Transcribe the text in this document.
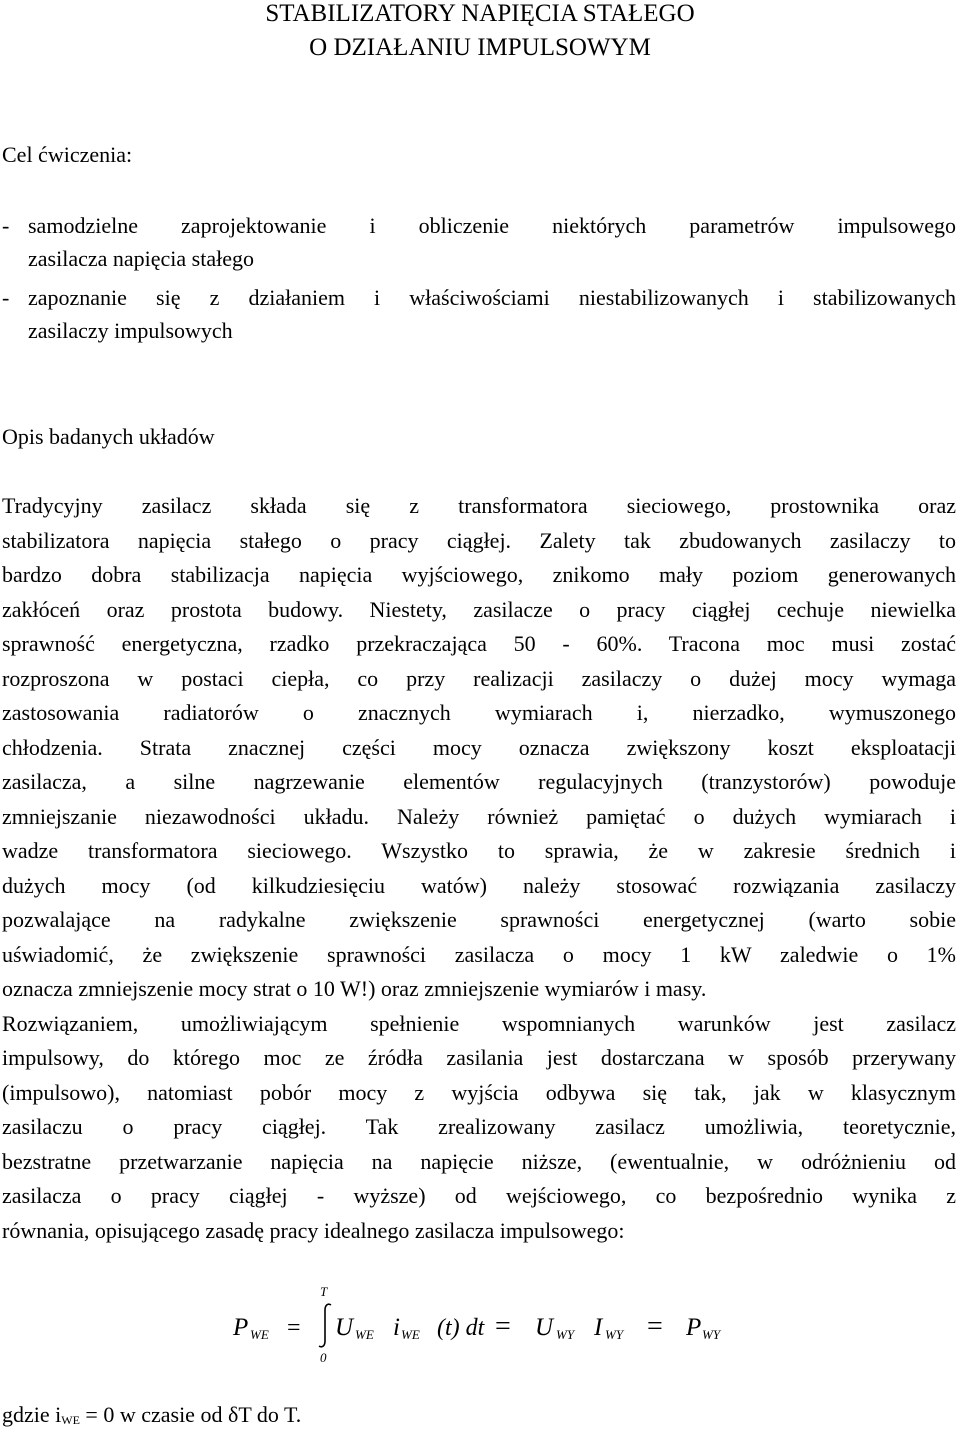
STABILIZATORY NAPIĘCIA STAŁEGO
O DZIAŁANIU IMPULSOWYM
Cel ćwiczenia:
- samodzielne zaprojektowanie i obliczenie niektórych parametrów impulsowego
zasilacza napięcia stałego
- zapoznanie się z działaniem i właściwościami niestabilizowanych i stabilizowanych
zasilaczy impulsowych
Opis badanych układów
Tradycyjny zasilacz składa się z transformatora sieciowego, prostownika oraz
stabilizatora napięcia stałego o pracy ciągłej. Zalety tak zbudowanych zasilaczy to
bardzo dobra stabilizacja napięcia wyjściowego, znikomo mały poziom generowanych
zakłóceń oraz prostota budowy. Niestety, zasilacze o pracy ciągłej cechuje niewielka
sprawność energetyczna, rzadko przekraczająca 50 - 60%. Tracona moc musi zostać
rozproszona w postaci ciepła, co przy realizacji zasilaczy o dużej mocy wymaga
zastosowania radiatorów o znacznych wymiarach i, nierzadko, wymuszonego
chłodzenia. Strata znacznej części mocy oznacza zwiększony koszt eksploatacji
zasilacza, a silne nagrzewanie elementów regulacyjnych (tranzystorów) powoduje
zmniejszanie niezawodności układu. Należy również pamiętać o dużych wymiarach i
wadze transformatora sieciowego. Wszystko to sprawia, że w zakresie średnich i
dużych mocy (od kilkudziesięciu watów) należy stosować rozwiązania zasilaczy
pozwalające na radykalne zwiększenie sprawności energetycznej (warto sobie
uświadomić, że zwiększenie sprawności zasilacza o mocy 1 kW zaledwie o 1%
oznacza zmniejszenie mocy strat o 10 W!) oraz zmniejszenie wymiarów i masy.
Rozwiązaniem, umożliwiającym spełnienie wspomnianych warunków jest zasilacz
impulsowy, do którego moc ze źródła zasilania jest dostarczana w sposób przerywany
(impulsowo), natomiast pobór mocy z wyjścia odbywa się tak, jak w klasycznym
zasilaczu o pracy ciągłej. Tak zrealizowany zasilacz umożliwia, teoretycznie,
bezstratne przetwarzanie napięcia na napięcie niższe, (ewentualnie, w odróżnieniu od
zasilacza o pracy ciągłej - wyższe) od wejściowego, co bezpośrednio wynika z
równania, opisującego zasadę pracy idealnego zasilacza impulsowego:
P WE =
T
0
U WE i WE (t) dt = U WY I WY = P WY
gdzie $i_{WE} = 0$ w czasie od δT do T.
